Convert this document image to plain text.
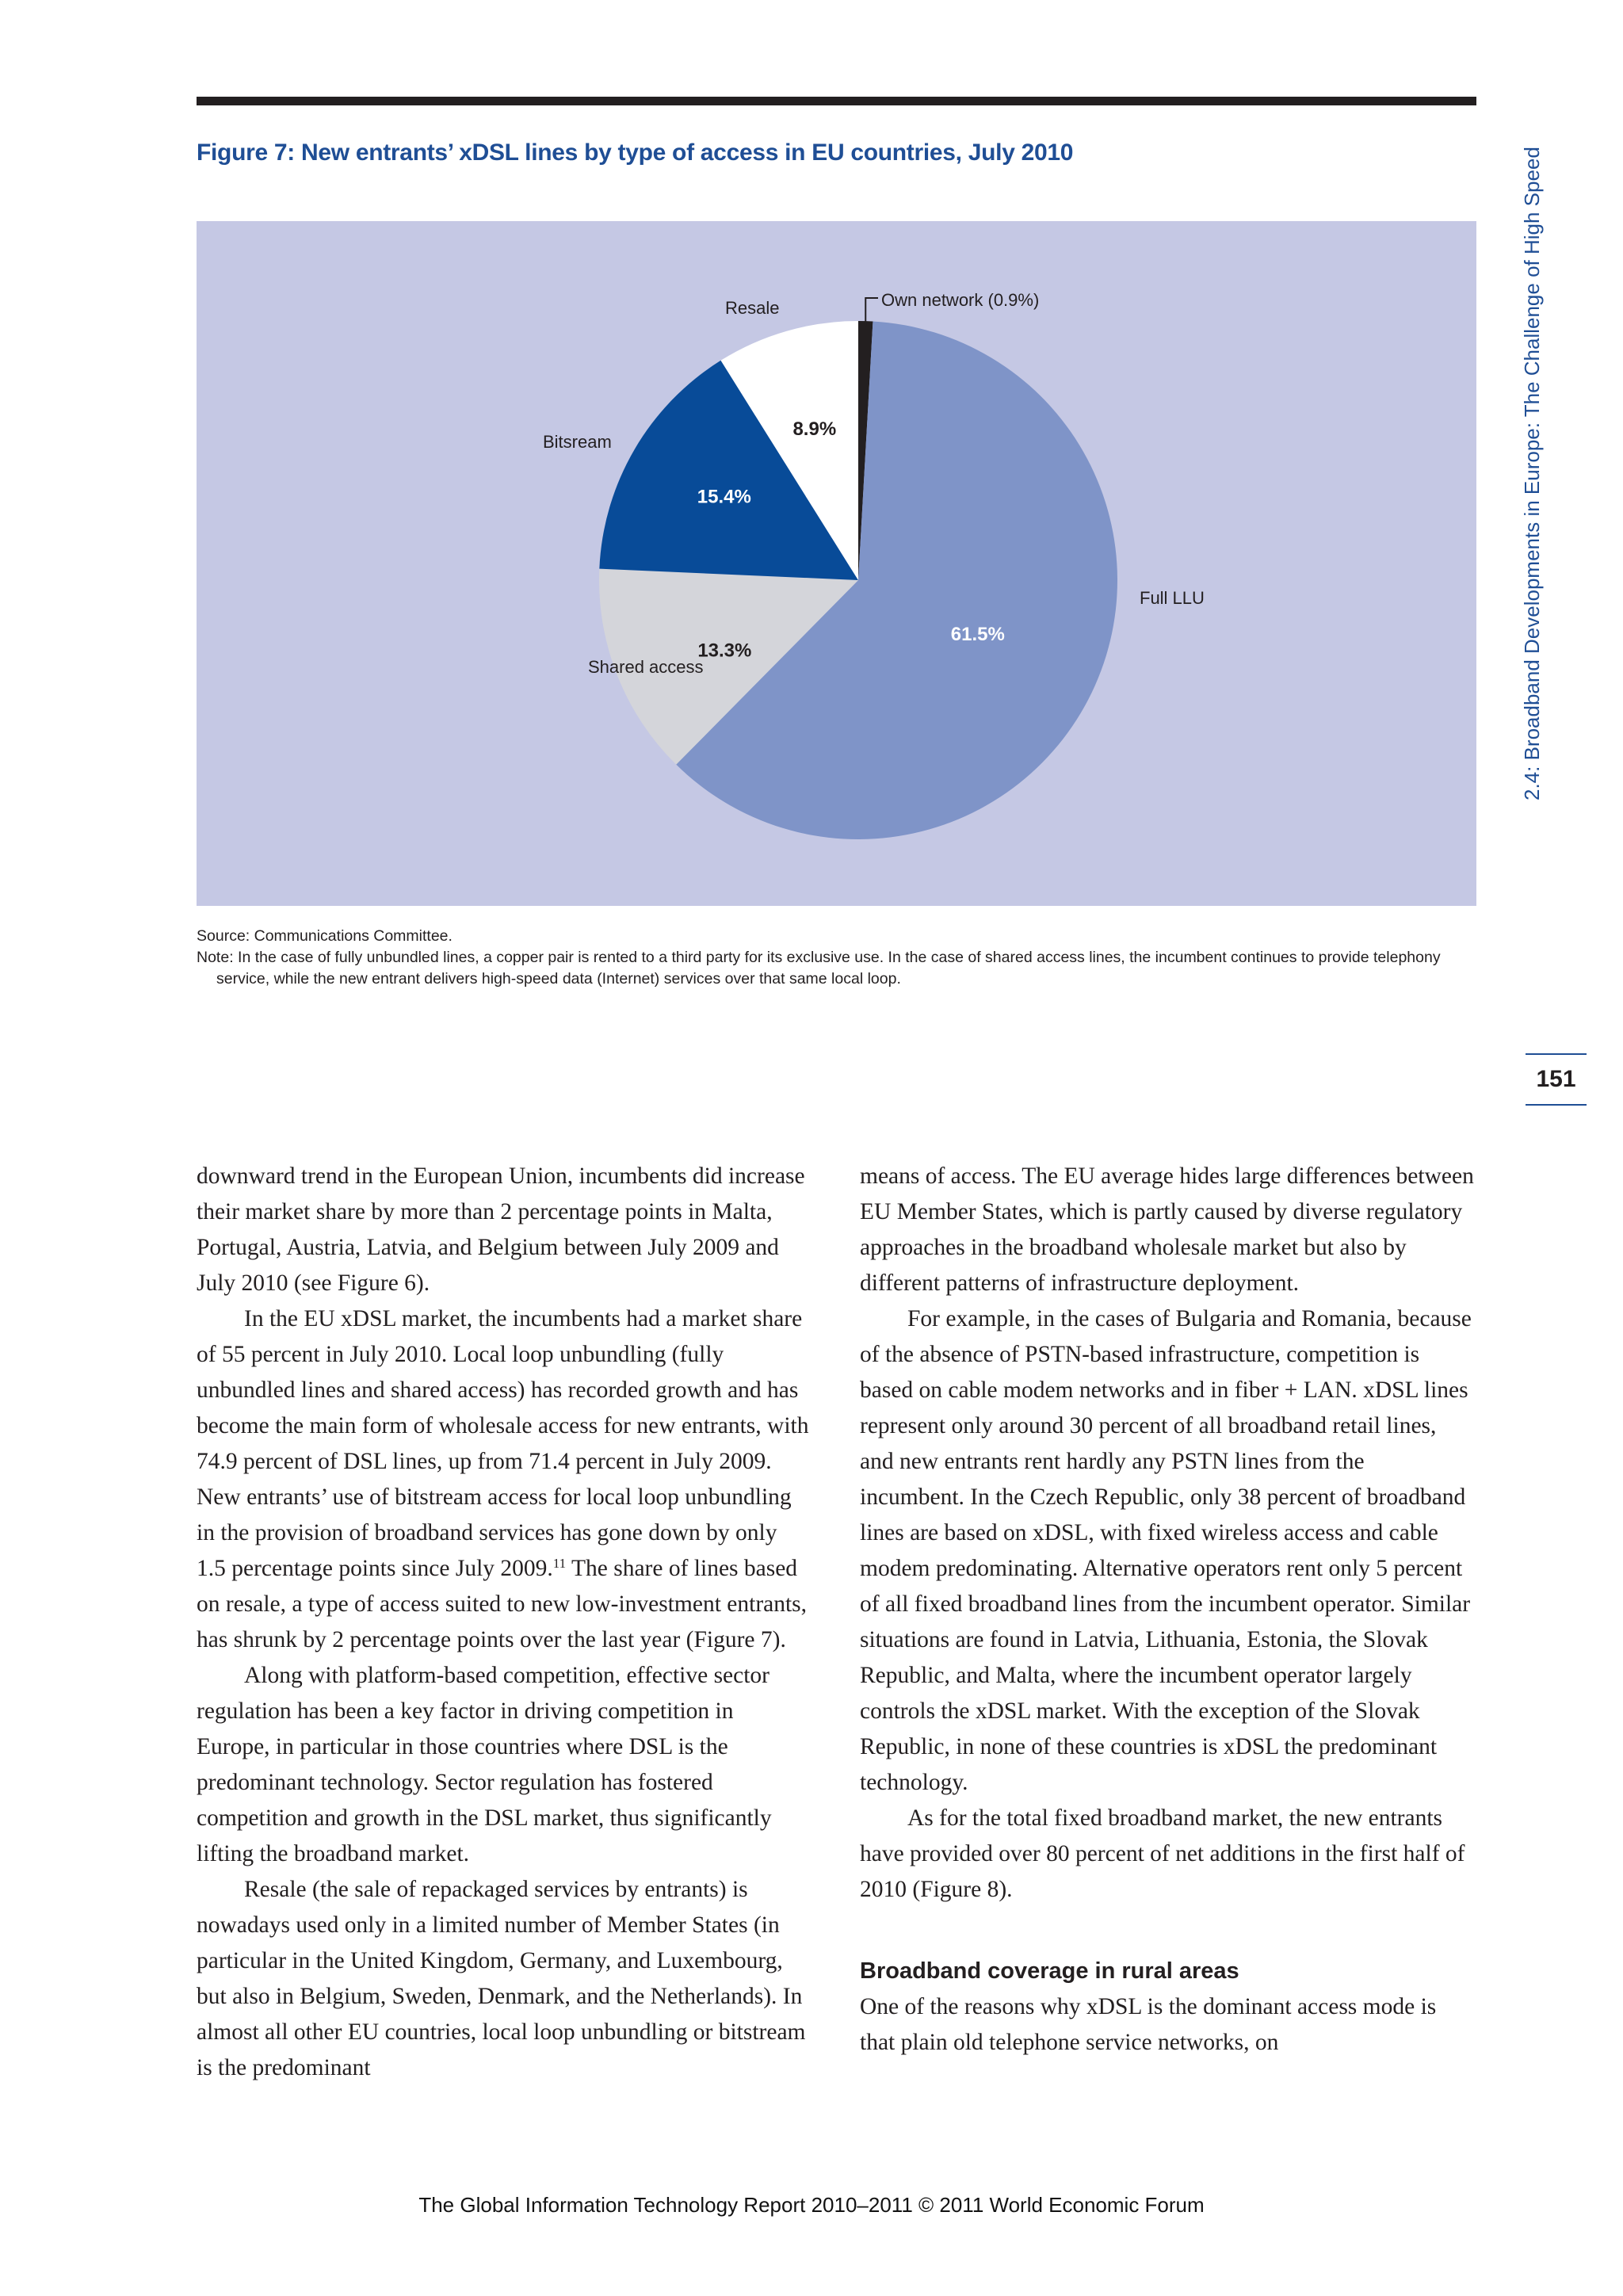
Figure 7: New entrants’ xDSL lines by type of access in EU countries, July 2010
61.5%
13.3%
15.4%
8.9%
Own network (0.9%)
Full LLU
Shared access
Bitsream
Resale
Source: Communications Committee.
Note: In the case of fully unbundled lines, a copper pair is rented to a third party for its exclusive use. In the case of shared access lines, the incumbent continues to provide telephony service, while the new entrant delivers high-speed data (Internet) services over that same local loop.
2.4: Broadband Developments in Europe: The Challenge of High Speed
151

downward trend in the European Union, incumbents did increase their market share by more than 2 percentage points in Malta, Portugal, Austria, Latvia, and Belgium between July 2009 and July 2010 (see Figure 6).

In the EU xDSL market, the incumbents had a market share of 55 percent in July 2010. Local loop unbundling (fully unbundled lines and shared access) has recorded growth and has become the main form of wholesale access for new entrants, with 74.9 percent of DSL lines, up from 71.4 percent in July 2009. New entrants’ use of bitstream access for local loop unbundling in the provision of broadband services has gone down by only 1.5 percentage points since July 2009.11 The share of lines based on resale, a type of access suited to new low-investment entrants, has shrunk by 2 percentage points over the last year (Figure 7).

Along with platform-based competition, effective sector regulation has been a key factor in driving competition in Europe, in particular in those countries where DSL is the predominant technology. Sector regulation has fostered competition and growth in the DSL market, thus significantly lifting the broadband market.

Resale (the sale of repackaged services by entrants) is nowadays used only in a limited number of Member States (in particular in the United Kingdom, Germany, and Luxembourg, but also in Belgium, Sweden, Denmark, and the Netherlands). In almost all other EU countries, local loop unbundling or bitstream is the predominant

means of access. The EU average hides large differences between EU Member States, which is partly caused by diverse regulatory approaches in the broadband wholesale market but also by different patterns of infrastructure deployment.

For example, in the cases of Bulgaria and Romania, because of the absence of PSTN-based infrastructure, competition is based on cable modem networks and in fiber + LAN. xDSL lines represent only around 30 percent of all broadband retail lines, and new entrants rent hardly any PSTN lines from the incumbent. In the Czech Republic, only 38 percent of broadband lines are based on xDSL, with fixed wireless access and cable modem predominating. Alternative operators rent only 5 percent of all fixed broadband lines from the incumbent operator. Similar situations are found in Latvia, Lithuania, Estonia, the Slovak Republic, and Malta, where the incumbent operator largely controls the xDSL market. With the exception of the Slovak Republic, in none of these countries is xDSL the predominant technology.

As for the total fixed broadband market, the new entrants have provided over 80 percent of net additions in the first half of 2010 (Figure 8).

Broadband coverage in rural areas

One of the reasons why xDSL is the dominant access mode is that plain old telephone service networks, on

The Global Information Technology Report 2010–2011 © 2011 World Economic Forum
